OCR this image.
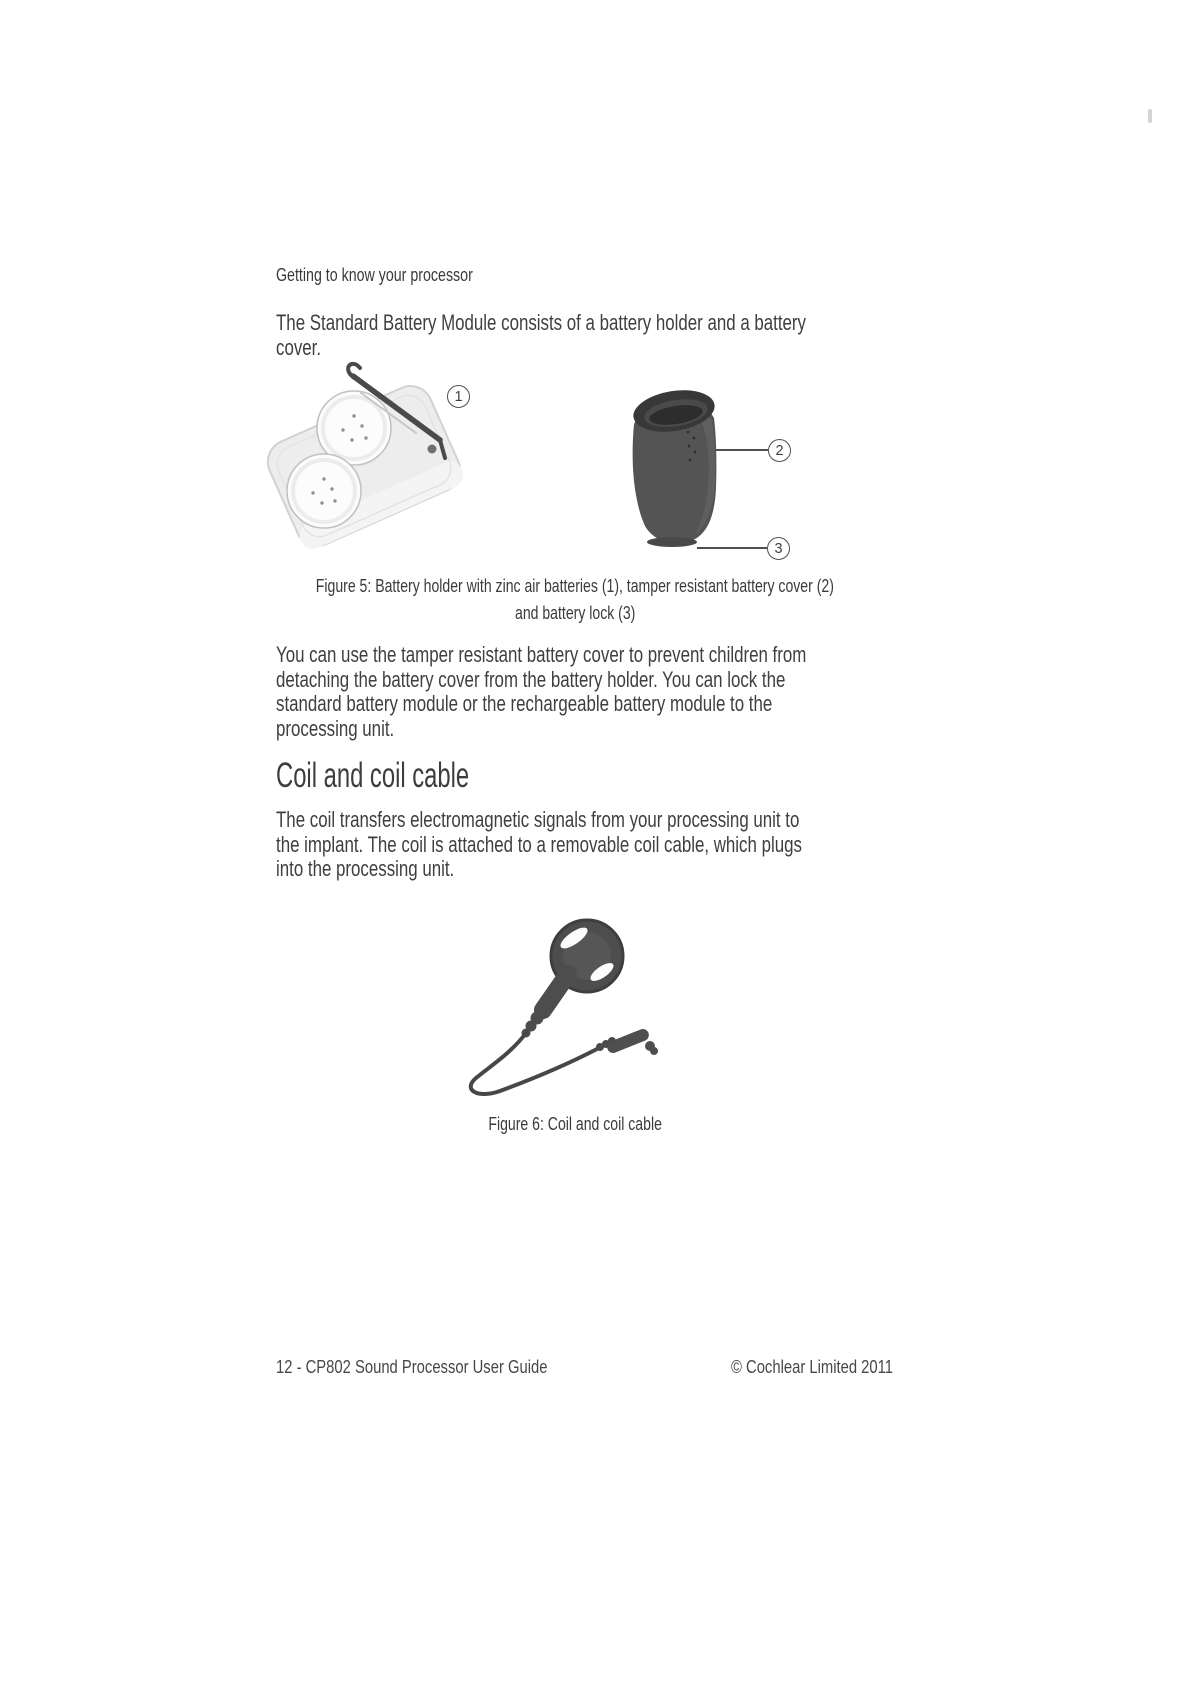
Getting to know your processor
The Standard Battery Module consists of a battery holder and a battery
cover.
1
2
3
Figure 5: Battery holder with zinc air batteries (1), tamper resistant battery cover (2)
and battery lock (3)
You can use the tamper resistant battery cover to prevent children from
detaching the battery cover from the battery holder. You can lock the
standard battery module or the rechargeable battery module to the
processing unit.
Coil and coil cable
The coil transfers electromagnetic signals from your processing unit to
the implant. The coil is attached to a removable coil cable, which plugs
into the processing unit.
Figure 6: Coil and coil cable
12 - CP802 Sound Processor User Guide	© Cochlear Limited 2011
